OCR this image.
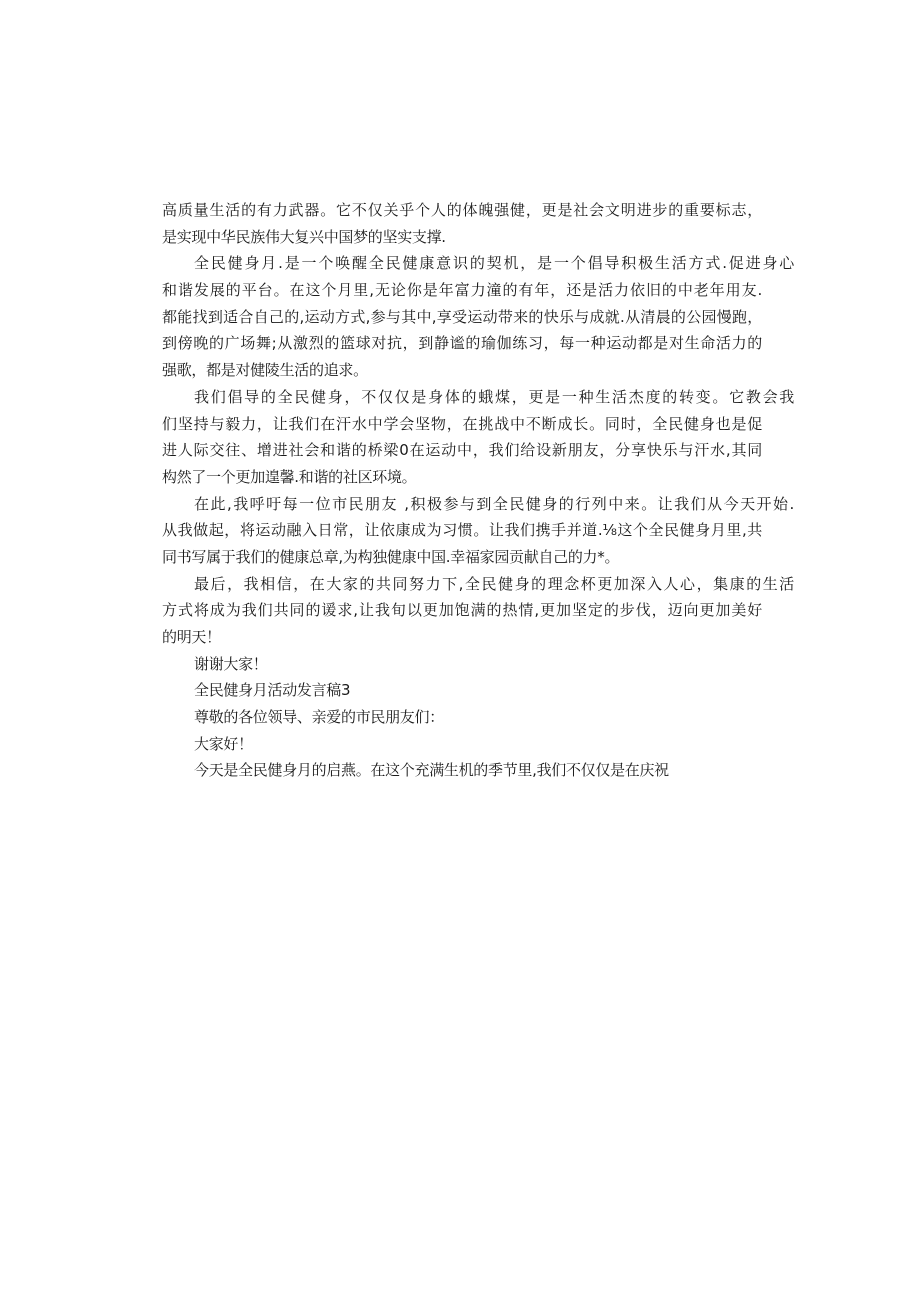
高质量生活的有力武器。它不仅关乎个人的体魄强健，更是社会文明进步的重要标志，
是实现中华民族伟大复兴中国梦的坚实支撑.
全民健身月.是一个唤醒全民健康意识的契机，是一个倡导积极生活方式.促进身心
和谐发展的平台。在这个月里,无论你是年富力潼的有年，还是活力依旧的中老年用友.
都能找到适合自己的,运动方式,参与其中,享受运动带来的快乐与成就.从清晨的公园慢跑，
到傍晚的广场舞;从激烈的篮球对抗，到静谧的瑜伽练习，每一种运动都是对生命活力的
强歌，都是对健陵生活的追求。
我们倡导的全民健身，不仅仅是身体的蛾煤，更是一种生活杰度的转变。它教会我
们坚持与毅力，让我们在汗水中学会坚物，在挑战中不断成长。同时，全民健身也是促
进人际交往、增进社会和谐的桥梁0在运动中，我们给设新朋友，分享快乐与汗水,其同
构然了一个更加遑馨.和谐的社区环境。
在此,我呼吁每一位市民朋友 ,积极参与到全民健身的行列中来。让我们从今天开始.
从我做起，将运动融入日常，让依康成为习惯。让我们携手并道.⅛这个全民健身月里,共
同书写属于我们的健康总章,为构独健康中国.幸福家园贡献自己的力*。
最后，我相信，在大家的共同努力下,全民健身的理念杯更加深入人心，集康的生活
方式将成为我们共同的谖求,让我旬以更加饱满的热情,更加坚定的步伐，迈向更加美好
的明天！
谢谢大家！
全民健身月活动发言稿3
尊敬的各位领导、亲爱的市民朋友们：
大家好！
今天是全民健身月的启燕。在这个充满生机的季节里,我们不仅仅是在庆祝
